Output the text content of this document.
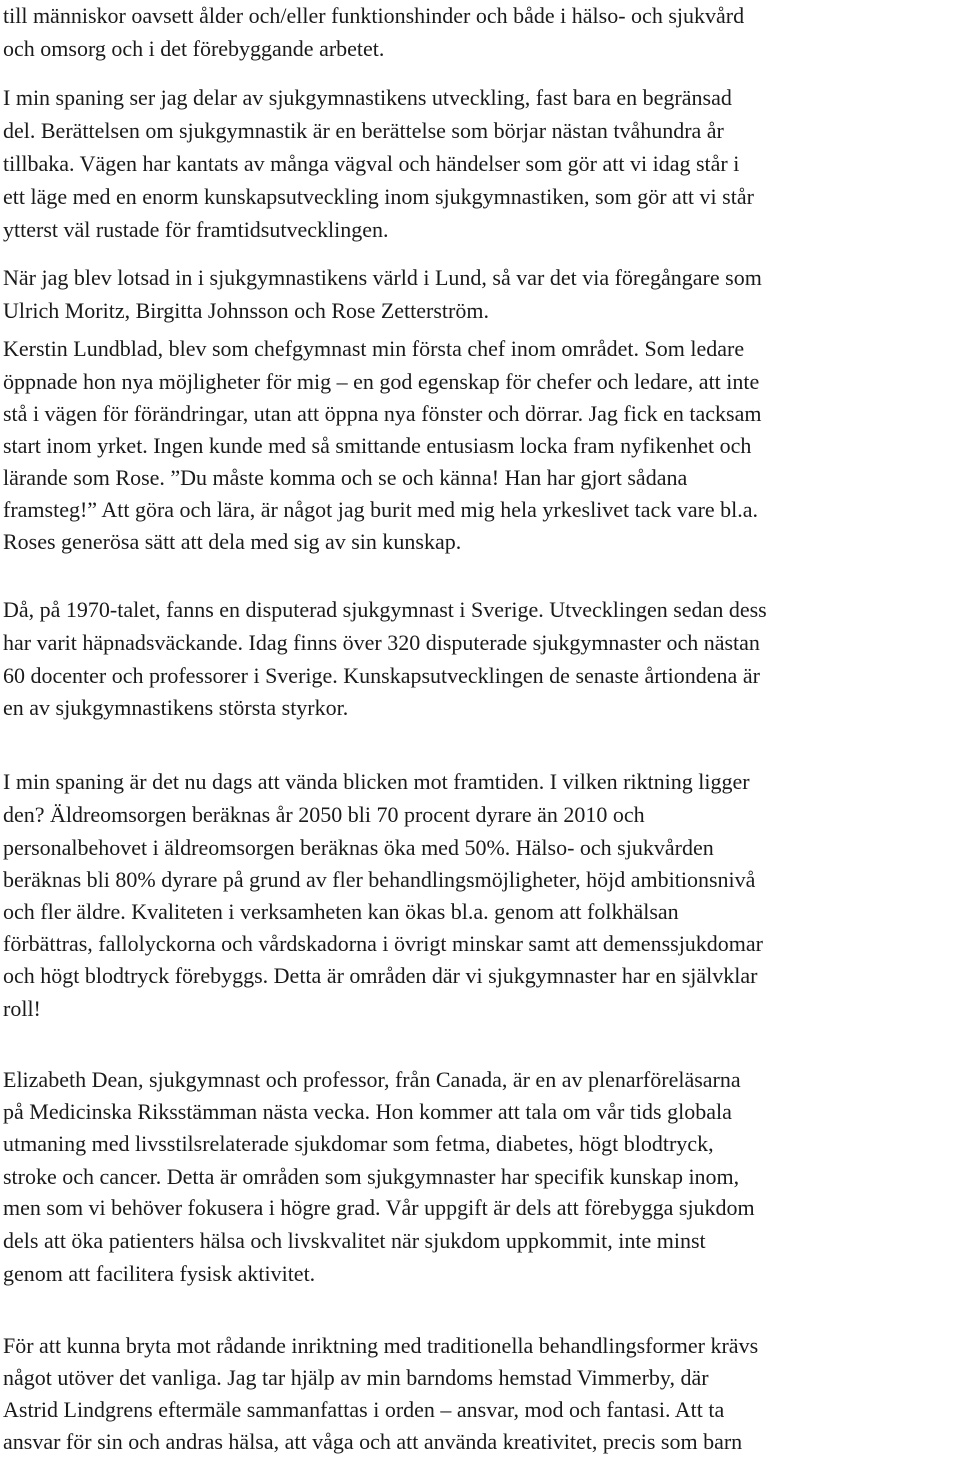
till människor oavsett ålder och/eller funktionshinder och både i hälso- och sjukvård
och omsorg och i det förebyggande arbetet.
I min spaning ser jag delar av sjukgymnastikens utveckling, fast bara en begränsad
del. Berättelsen om sjukgymnastik är en berättelse som börjar nästan tvåhundra år
tillbaka. Vägen har kantats av många vägval och händelser som gör att vi idag står i
ett läge med en enorm kunskapsutveckling inom sjukgymnastiken, som gör att vi står
ytterst väl rustade för framtidsutvecklingen.
När jag blev lotsad in i sjukgymnastikens värld i Lund, så var det via föregångare som
Ulrich Moritz, Birgitta Johnsson och Rose Zetterström.
Kerstin Lundblad, blev som chefgymnast min första chef inom området. Som ledare
öppnade hon nya möjligheter för mig – en god egenskap för chefer och ledare, att inte
stå i vägen för förändringar, utan att öppna nya fönster och dörrar. Jag fick en tacksam
start inom yrket. Ingen kunde med så smittande entusiasm locka fram nyfikenhet och
lärande som Rose. ”Du måste komma och se och känna! Han har gjort sådana
framsteg!” Att göra och lära, är något jag burit med mig hela yrkeslivet tack vare bl.a.
Roses generösa sätt att dela med sig av sin kunskap.
Då, på 1970-talet, fanns en disputerad sjukgymnast i Sverige. Utvecklingen sedan dess
har varit häpnadsväckande. Idag finns över 320 disputerade sjukgymnaster och nästan
60 docenter och professorer i Sverige. Kunskapsutvecklingen de senaste årtiondena är
en av sjukgymnastikens största styrkor.
I min spaning är det nu dags att vända blicken mot framtiden. I vilken riktning ligger
den? Äldreomsorgen beräknas år 2050 bli 70 procent dyrare än 2010 och
personalbehovet i äldreomsorgen beräknas öka med 50%. Hälso- och sjukvården
beräknas bli 80% dyrare på grund av fler behandlingsmöjligheter, höjd ambitionsnivå
och fler äldre. Kvaliteten i verksamheten kan ökas bl.a. genom att folkhälsan
förbättras, fallolyckorna och vårdskadorna i övrigt minskar samt att demenssjukdomar
och högt blodtryck förebyggs. Detta är områden där vi sjukgymnaster har en självklar
roll!
Elizabeth Dean, sjukgymnast och professor, från Canada, är en av plenarföreläsarna
på Medicinska Riksstämman nästa vecka. Hon kommer att tala om vår tids globala
utmaning med livsstilsrelaterade sjukdomar som fetma, diabetes, högt blodtryck,
stroke och cancer. Detta är områden som sjukgymnaster har specifik kunskap inom,
men som vi behöver fokusera i högre grad. Vår uppgift är dels att förebygga sjukdom
dels att öka patienters hälsa och livskvalitet när sjukdom uppkommit, inte minst
genom att facilitera fysisk aktivitet.
För att kunna bryta mot rådande inriktning med traditionella behandlingsformer krävs
något utöver det vanliga. Jag tar hjälp av min barndoms hemstad Vimmerby, där
Astrid Lindgrens eftermäle sammanfattas i orden – ansvar, mod och fantasi. Att ta
ansvar för sin och andras hälsa, att våga och att använda kreativitet, precis som barn
